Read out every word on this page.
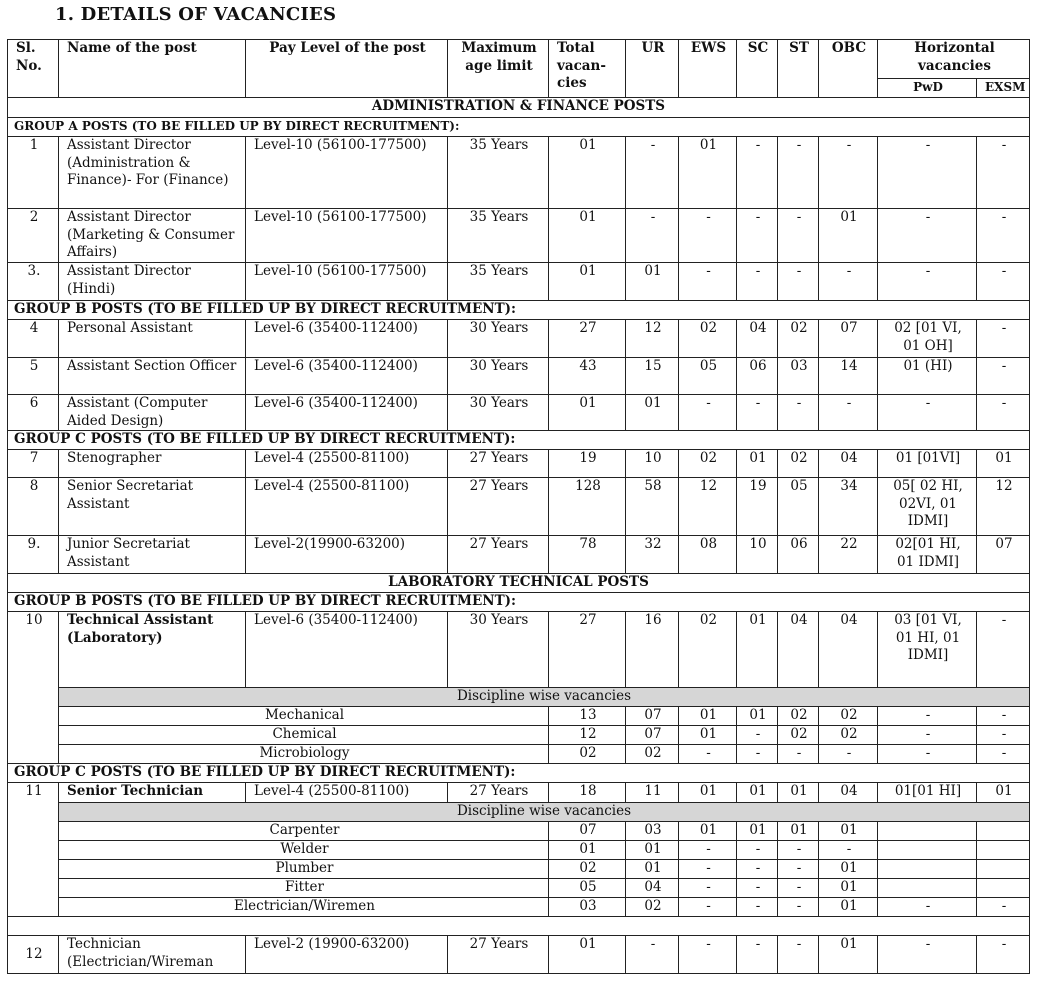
1. DETAILS OF VACANCIES
Sl. No.	Name of the post	Pay Level of the post	Maximum age limit	Total vacan- cies	UR	EWS	SC	ST	OBC	Horizontal vacancies	
										PwD	EXSM
ADMINISTRATION & FINANCE POSTS											
GROUP A POSTS (TO BE FILLED UP BY DIRECT RECRUITMENT):											
1	Assistant Director (Administration & Finance)- For (Finance)	Level-10 (56100-177500)	35 Years	01	-	01	-	-	-	-	-
2	Assistant Director (Marketing & Consumer Affairs)	Level-10 (56100-177500)	35 Years	01	-	-	-	-	01	-	-
3.	Assistant Director (Hindi)	Level-10 (56100-177500)	35 Years	01	01	-	-	-	-	-	-
GROUP B POSTS (TO BE FILLED UP BY DIRECT RECRUITMENT):											
4	Personal Assistant	Level-6 (35400-112400)	30 Years	27	12	02	04	02	07	02 [01 VI, 01 OH]	-
5	Assistant Section Officer	Level-6 (35400-112400)	30 Years	43	15	05	06	03	14	01 (HI)	-
6	Assistant (Computer Aided Design)	Level-6 (35400-112400)	30 Years	01	01	-	-	-	-	-	-
GROUP C POSTS (TO BE FILLED UP BY DIRECT RECRUITMENT):											
7	Stenographer	Level-4 (25500-81100)	27 Years	19	10	02	01	02	04	01 [01VI]	01
8	Senior Secretariat Assistant	Level-4 (25500-81100)	27 Years	128	58	12	19	05	34	05[ 02 HI, 02VI, 01 IDMI]	12
9.	Junior Secretariat Assistant	Level-2(19900-63200)	27 Years	78	32	08	10	06	22	02[01 HI, 01 IDMI]	07
LABORATORY TECHNICAL POSTS											
GROUP B POSTS (TO BE FILLED UP BY DIRECT RECRUITMENT):											
10	Technical Assistant (Laboratory)	Level-6 (35400-112400)	30 Years	27	16	02	01	04	04	03 [01 VI, 01 HI, 01 IDMI]	-
	Discipline wise vacancies										
	Mechanical			13	07	01	01	02	02	-	-
	Chemical			12	07	01	-	02	02	-	-
	Microbiology			02	02	-	-	-	-	-	-
GROUP C POSTS (TO BE FILLED UP BY DIRECT RECRUITMENT):											
11	Senior Technician	Level-4 (25500-81100)	27 Years	18	11	01	01	01	04	01[01 HI]	01
	Discipline wise vacancies										
	Carpenter			07	03	01	01	01	01		
	Welder			01	01	-	-	-	-		
	Plumber			02	01	-	-	-	01		
	Fitter			05	04	-	-	-	01		
	Electrician/Wiremen			03	02	-	-	-	01	-	-

12	Technician (Electrician/Wireman	Level-2 (19900-63200)	27 Years	01	-	-	-	-	01	-	-
